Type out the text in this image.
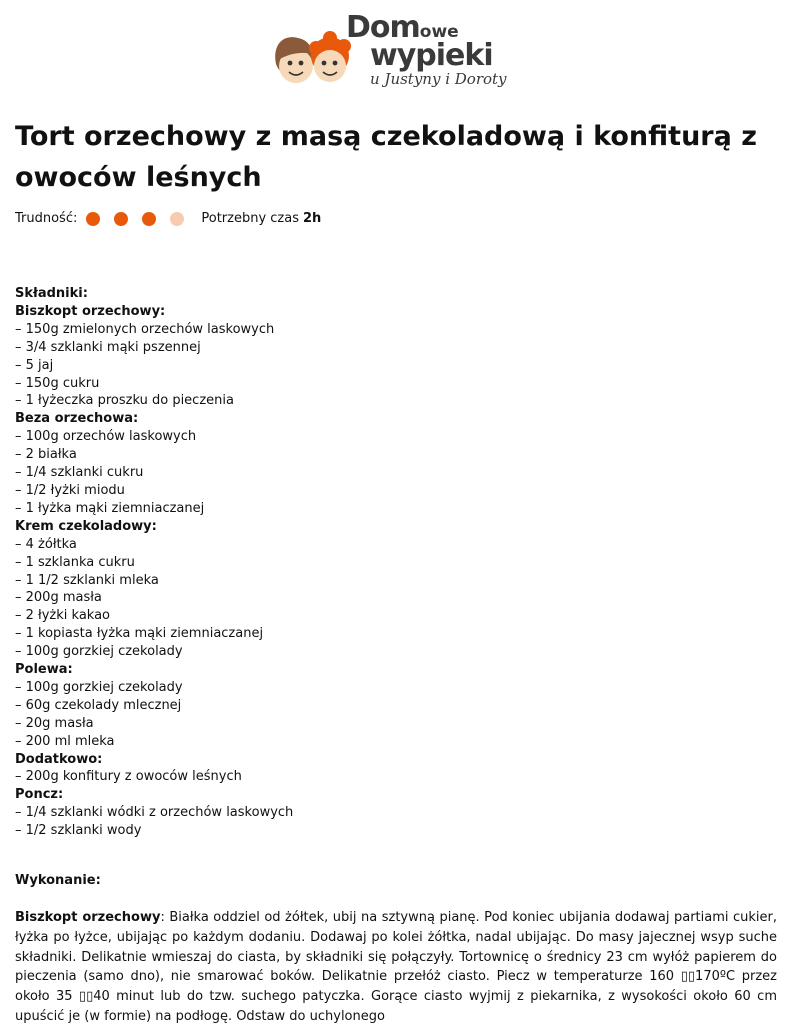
Domowe
wypieki
u Justyny i Doroty
Tort orzechowy z masą czekoladową i konfiturą z owoców leśnych
Trudność:	Potrzebny czas 2h
Składniki:
Biszkopt orzechowy:
– 150g zmielonych orzechów laskowych
– 3/4 szklanki mąki pszennej
– 5 jaj
– 150g cukru
– 1 łyżeczka proszku do pieczenia
Beza orzechowa:
– 100g orzechów laskowych
– 2 białka
– 1/4 szklanki cukru
– 1/2 łyżki miodu
– 1 łyżka mąki ziemniaczanej
Krem czekoladowy:
– 4 żółtka
– 1 szklanka cukru
– 1 1/2 szklanki mleka
– 200g masła
– 2 łyżki kakao
– 1 kopiasta łyżka mąki ziemniaczanej
– 100g gorzkiej czekolady
Polewa:
– 100g gorzkiej czekolady
– 60g czekolady mlecznej
– 20g masła
– 200 ml mleka
Dodatkowo:
– 200g konfitury z owoców leśnych
Poncz:
– 1/4 szklanki wódki z orzechów laskowych
– 1/2 szklanki wody
Wykonanie:

Biszkopt orzechowy: Białka oddziel od żółtek, ubij na sztywną pianę. Pod koniec ubijania dodawaj partiami cukier, łyżka po łyżce, ubijając po każdym dodaniu. Dodawaj po kolei żółtka, nadal ubijając. Do masy jajecznej wsyp suche składniki. Delikatnie wmieszaj do ciasta, by składniki się połączyły. Tortownicę o średnicy 23 cm wyłóż papierem do pieczenia (samo dno), nie smarować boków. Delikatnie przełóż ciasto. Piecz w temperaturze 160 ▯▯170ºC przez około 35 ▯▯40 minut lub do tzw. suchego patyczka. Gorące ciasto wyjmij z piekarnika, z wysokości około 60 cm upuścić je (w formie) na podłogę. Odstaw do uchylonego
